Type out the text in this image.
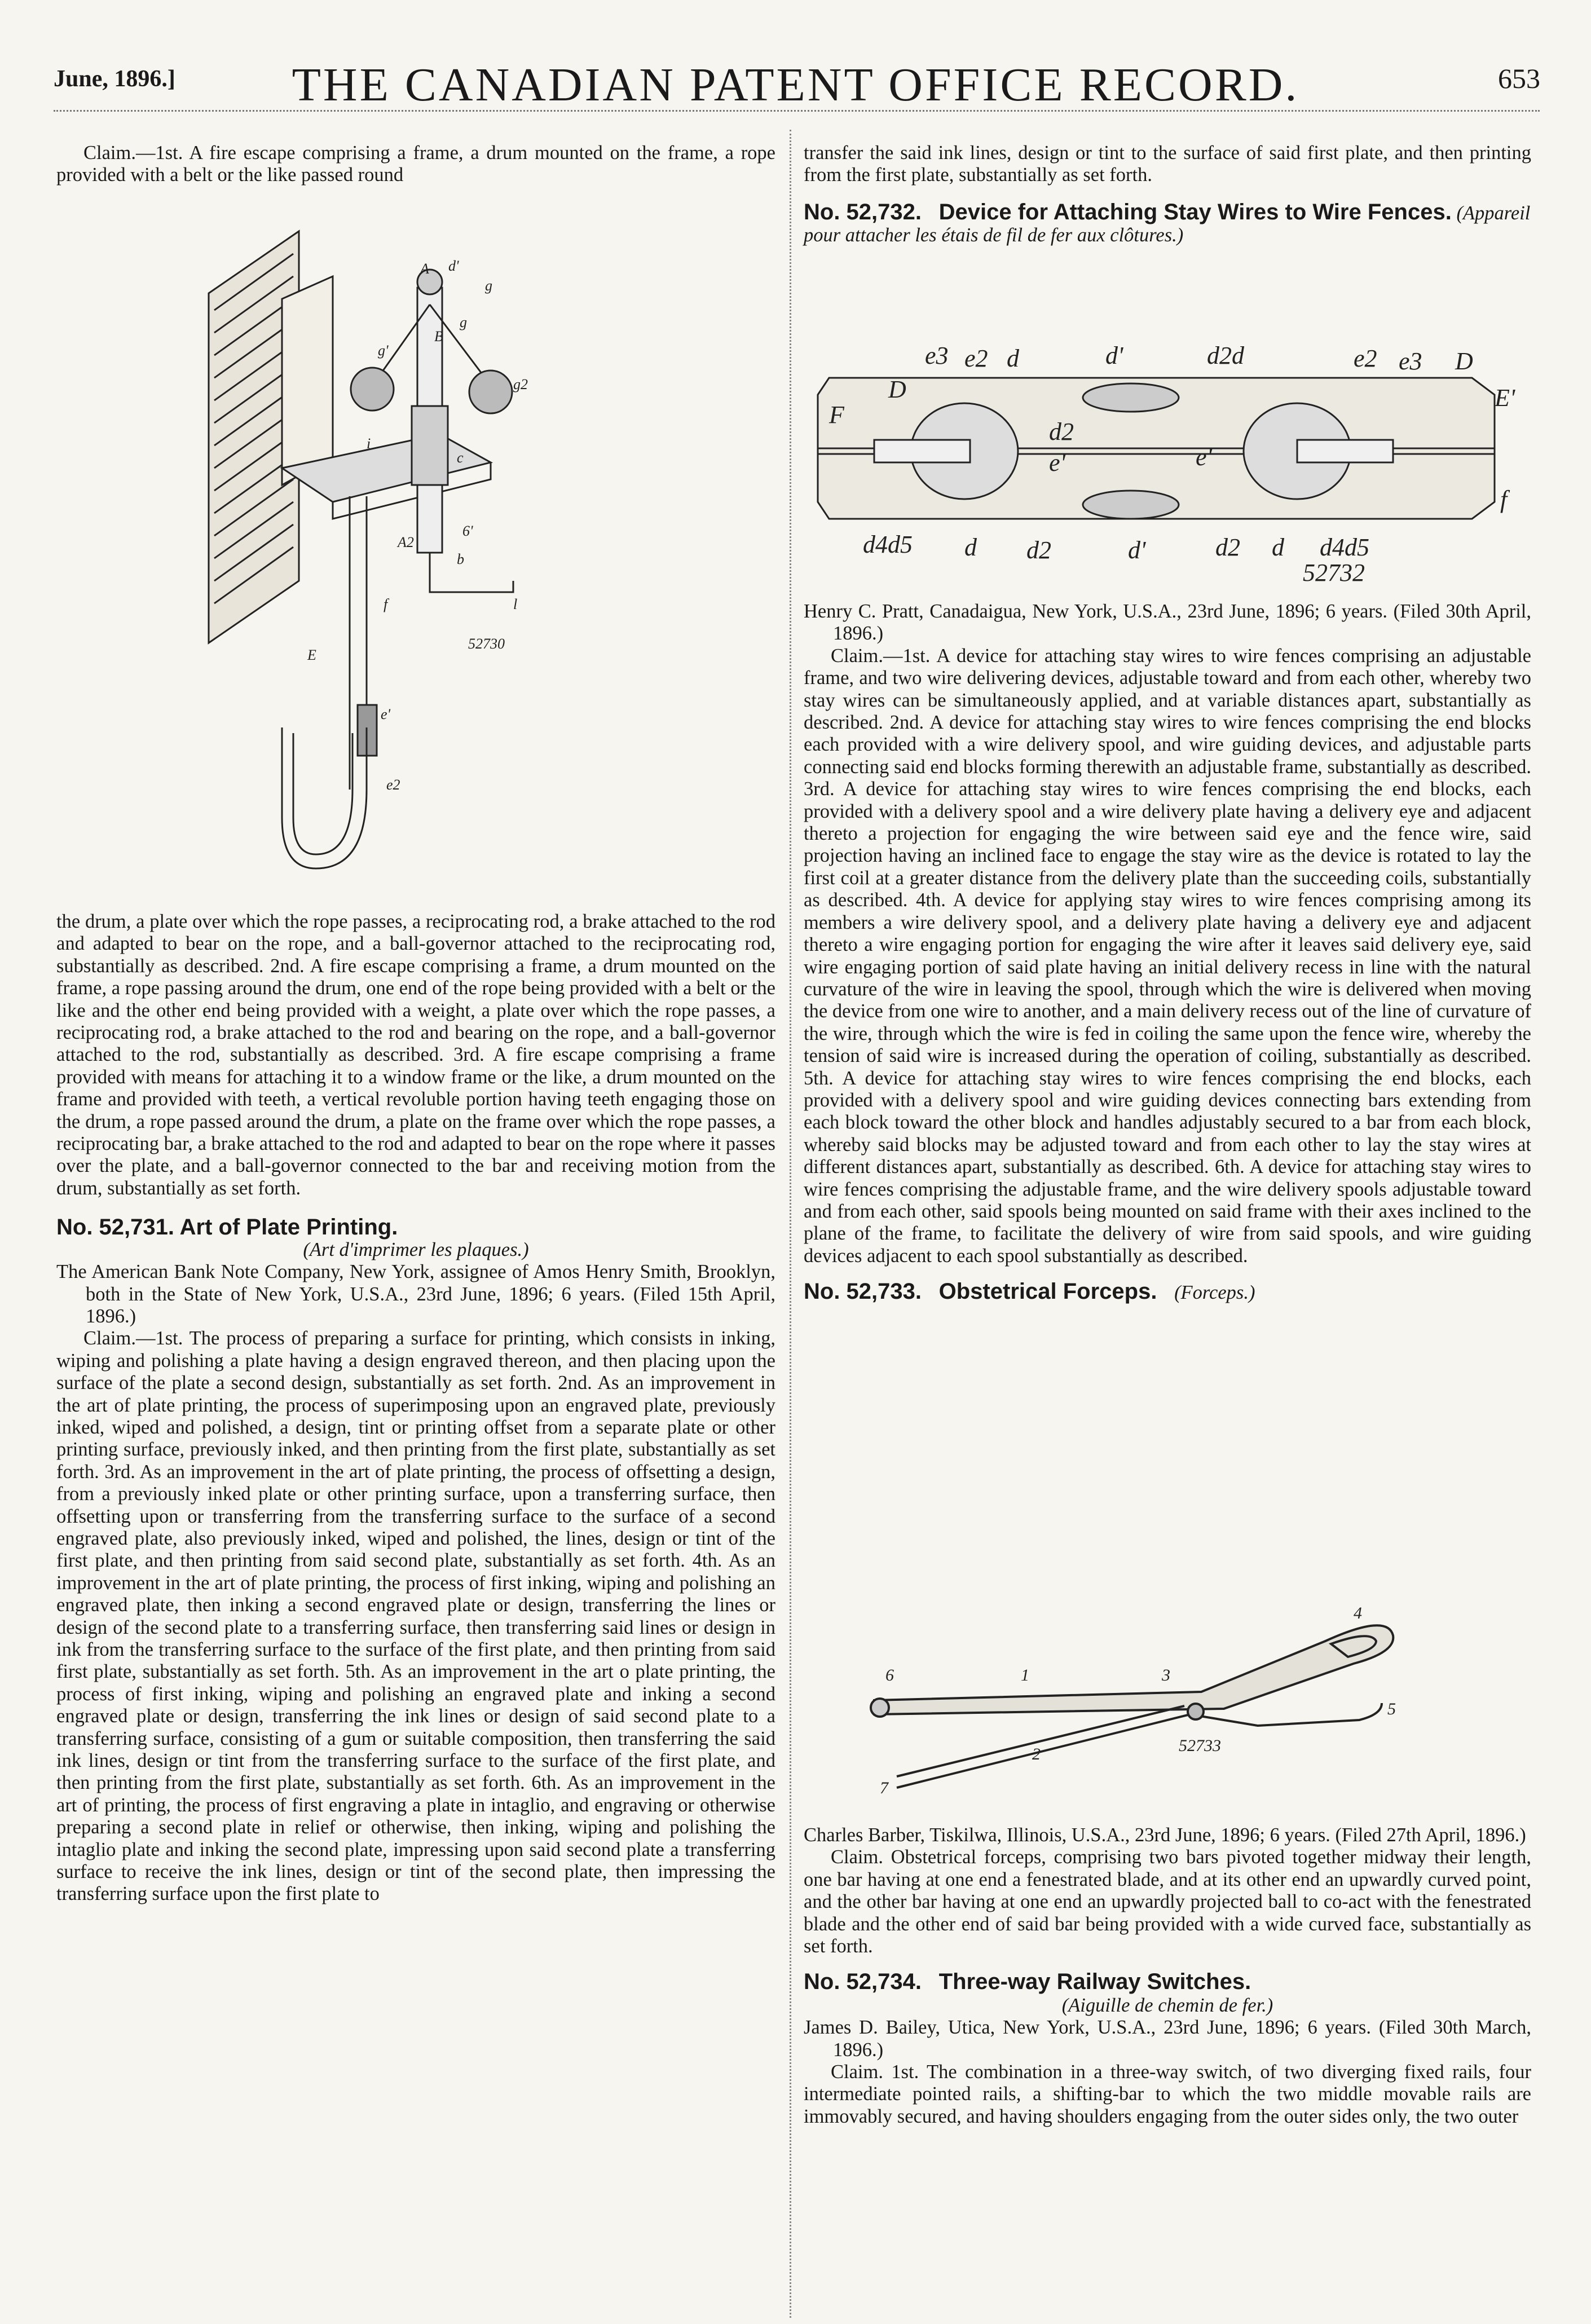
June, 1896.]	THE CANADIAN PATENT OFFICE RECORD.	653

Claim.—1st. A fire escape comprising a frame, a drum mounted on the frame, a rope provided with a belt or the like passed round

A d'
g
g'
g2
g
B
i
c
6'
A2
b
f
E
l
52730
e'
e2

the drum, a plate over which the rope passes, a reciprocating rod, a brake attached to the rod and adapted to bear on the rope, and a ball-governor attached to the reciprocating rod, substantially as described. 2nd. A fire escape comprising a frame, a drum mounted on the frame, a rope passing around the drum, one end of the rope being provided with a belt or the like and the other end being provided with a weight, a plate over which the rope passes, a reciprocating rod, a brake attached to the rod and bearing on the rope, and a ball-governor attached to the rod, substantially as described. 3rd. A fire escape comprising a frame provided with means for attaching it to a window frame or the like, a drum mounted on the frame and provided with teeth, a vertical revoluble portion having teeth engaging those on the drum, a rope passed around the drum, a plate on the frame over which the rope passes, a reciprocating bar, a brake attached to the rod and adapted to bear on the rope where it passes over the plate, and a ball-governor connected to the bar and receiving motion from the drum, substantially as set forth.

No. 52,731. Art of Plate Printing.

(Art d'imprimer les plaques.)

The American Bank Note Company, New York, assignee of Amos Henry Smith, Brooklyn, both in the State of New York, U.S.A., 23rd June, 1896; 6 years. (Filed 15th April, 1896.)

Claim.—1st. The process of preparing a surface for printing, which consists in inking, wiping and polishing a plate having a design engraved thereon, and then placing upon the surface of the plate a second design, substantially as set forth. 2nd. As an improvement in the art of plate printing, the process of superimposing upon an engraved plate, previously inked, wiped and polished, a design, tint or printing offset from a separate plate or other printing surface, previously inked, and then printing from the first plate, substantially as set forth. 3rd. As an improvement in the art of plate printing, the process of offsetting a design, from a previously inked plate or other printing surface, upon a transferring surface, then offsetting upon or transferring from the transferring surface to the surface of a second engraved plate, also previously inked, wiped and polished, the lines, design or tint of the first plate, and then printing from said second plate, substantially as set forth. 4th. As an improvement in the art of plate printing, the process of first inking, wiping and polishing an engraved plate, then inking a second engraved plate or design, transferring the lines or design of the second plate to a transferring surface, then transferring said lines or design in ink from the transferring surface to the surface of the first plate, and then printing from said first plate, substantially as set forth. 5th. As an improvement in the art o plate printing, the process of first inking, wiping and polishing an engraved plate and inking a second engraved plate or design, transferring the ink lines or design of said second plate to a transferring surface, consisting of a gum or suitable composition, then transferring the said ink lines, design or tint from the transferring surface to the surface of the first plate, and then printing from the first plate, substantially as set forth. 6th. As an improvement in the art of printing, the process of first engraving a plate in intaglio, and engraving or otherwise preparing a second plate in relief or otherwise, then inking, wiping and polishing the intaglio plate and inking the second plate, impressing upon said second plate a transferring surface to receive the ink lines, design or tint of the second plate, then impressing the transferring surface upon the first plate to

transfer the said ink lines, design or tint to the surface of said first plate, and then printing from the first plate, substantially as set forth.

No. 52,732. Device for Attaching Stay Wires to Wire Fences. (Appareil pour attacher les étais de fil de fer aux clôtures.)

e3 e2 d	d'	d2d	e2 e3 D
D	E'
F
d2
e'	e'
f
d4d5 d d2	d'	d2 d d4d5
52732

Henry C. Pratt, Canadaigua, New York, U.S.A., 23rd June, 1896; 6 years. (Filed 30th April, 1896.)

Claim.—1st. A device for attaching stay wires to wire fences comprising an adjustable frame, and two wire delivering devices, adjustable toward and from each other, whereby two stay wires can be simultaneously applied, and at variable distances apart, substantially as described. 2nd. A device for attaching stay wires to wire fences comprising the end blocks each provided with a wire delivery spool, and wire guiding devices, and adjustable parts connecting said end blocks forming therewith an adjustable frame, substantially as described. 3rd. A device for attaching stay wires to wire fences comprising the end blocks, each provided with a delivery spool and a wire delivery plate having a delivery eye and adjacent thereto a projection for engaging the wire between said eye and the fence wire, said projection having an inclined face to engage the stay wire as the device is rotated to lay the first coil at a greater distance from the delivery plate than the succeeding coils, substantially as described. 4th. A device for applying stay wires to wire fences comprising among its members a wire delivery spool, and a delivery plate having a delivery eye and adjacent thereto a wire engaging portion for engaging the wire after it leaves said delivery eye, said wire engaging portion of said plate having an initial delivery recess in line with the natural curvature of the wire in leaving the spool, through which the wire is delivered when moving the device from one wire to another, and a main delivery recess out of the line of curvature of the wire, through which the wire is fed in coiling the same upon the fence wire, whereby the tension of said wire is increased during the operation of coiling, substantially as described. 5th. A device for attaching stay wires to wire fences comprising the end blocks, each provided with a delivery spool and wire guiding devices connecting bars extending from each block toward the other block and handles adjustably secured to a bar from each block, whereby said blocks may be adjusted toward and from each other to lay the stay wires at different distances apart, substantially as described. 6th. A device for attaching stay wires to wire fences comprising the adjustable frame, and the wire delivery spools adjustable toward and from each other, said spools being mounted on said frame with their axes inclined to the plane of the frame, to facilitate the delivery of wire from said spools, and wire guiding devices adjacent to each spool substantially as described.

No. 52,733. Obstetrical Forceps. (Forceps.)

4
6	1	3
5
2	52733
7

Charles Barber, Tiskilwa, Illinois, U.S.A., 23rd June, 1896; 6 years. (Filed 27th April, 1896.)

Claim. Obstetrical forceps, comprising two bars pivoted together midway their length, one bar having at one end a fenestrated blade, and at its other end an upwardly curved point, and the other bar having at one end an upwardly projected ball to co-act with the fenestrated blade and the other end of said bar being provided with a wide curved face, substantially as set forth.

No. 52,734. Three-way Railway Switches.

(Aiguille de chemin de fer.)

James D. Bailey, Utica, New York, U.S.A., 23rd June, 1896; 6 years. (Filed 30th March, 1896.)

Claim. 1st. The combination in a three-way switch, of two diverging fixed rails, four intermediate pointed rails, a shifting-bar to which the two middle movable rails are immovably secured, and having shoulders engaging from the outer sides only, the two outer
